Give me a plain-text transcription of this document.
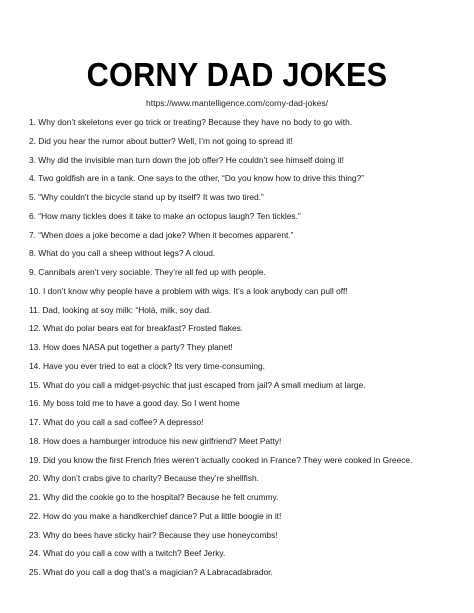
CORNY DAD JOKES
https://www.mantelligence.com/corny-dad-jokes/
1. Why don’t skeletons ever go trick or treating? Because they have no body to go with.
2. Did you hear the rumor about butter? Well, I’m not going to spread it!
3. Why did the invisible man turn down the job offer? He couldn’t see himself doing it!
4. Two goldfish are in a tank. One says to the other, “Do you know how to drive this thing?”
5. “Why couldn't the bicycle stand up by itself? It was two tired.”
6. “How many tickles does it take to make an octopus laugh? Ten tickles.”
7. “When does a joke become a dad joke? When it becomes apparent.”
8. What do you call a sheep without legs? A cloud.
9. Cannibals aren’t very sociable. They’re all fed up with people.
10. I don’t know why people have a problem with wigs. It’s a look anybody can pull off!
11. Dad, looking at soy milk: “Holá, milk, soy dad.
12. What do polar bears eat for breakfast? Frosted flakes.
13. How does NASA put together a party? They planet!
14. Have you ever tried to eat a clock? Its very time-consuming.
15. What do you call a midget-psychic that just escaped from jail? A small medium at large.
16. My boss told me to have a good day. So I went home
17. What do you call a sad coffee? A depresso!
18. How does a hamburger introduce his new girlfriend? Meet Patty!
19. Did you know the first French fries weren’t actually cooked in France? They were cooked in Greece.
20. Why don’t crabs give to charity? Because they’re shellfish.
21. Why did the cookie go to the hospital? Because he felt crummy.
22. How do you make a handkerchief dance? Put a little boogie in it!
23. Why do bees have sticky hair? Because they use honeycombs!
24. What do you call a cow with a twitch? Beef Jerky.
25. What do you call a dog that’s a magician? A Labracadabrador.
